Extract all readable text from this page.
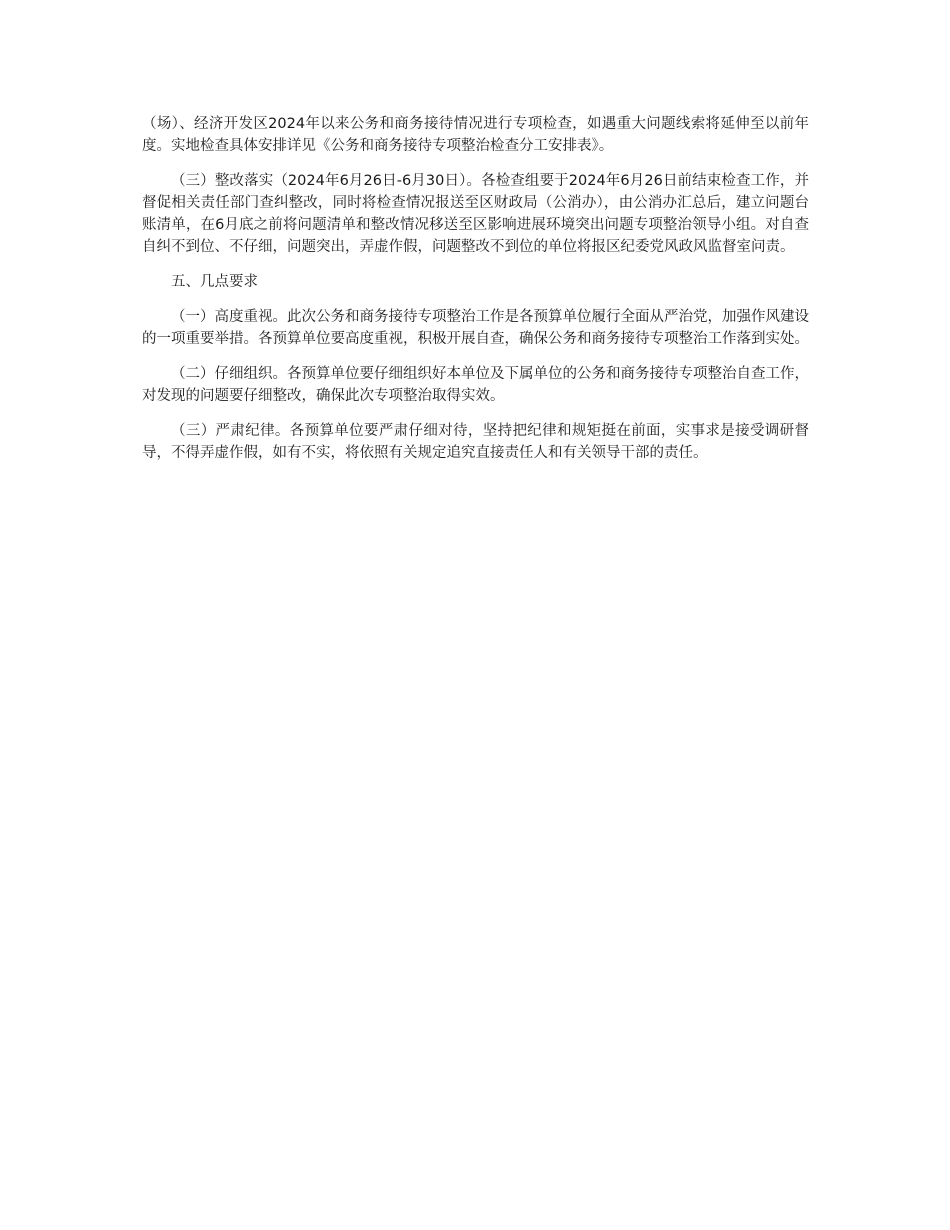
（场）、经济开发区2024年以来公务和商务接待情况进行专项检查，如遇重大问题线索将延伸至以前年度。实地检查具体安排详见《公务和商务接待专项整治检查分工安排表》。

（三）整改落实（2024年6月26日-6月30日）。各检查组要于2024年6月26日前结束检查工作，并督促相关责任部门查纠整改，同时将检查情况报送至区财政局（公消办），由公消办汇总后，建立问题台账清单，在6月底之前将问题清单和整改情况移送至区影响进展环境突出问题专项整治领导小组。对自查自纠不到位、不仔细，问题突出，弄虚作假，问题整改不到位的单位将报区纪委党风政风监督室问责。

五、几点要求

（一）高度重视。此次公务和商务接待专项整治工作是各预算单位履行全面从严治党，加强作风建设的一项重要举措。各预算单位要高度重视，积极开展自查，确保公务和商务接待专项整治工作落到实处。

（二）仔细组织。各预算单位要仔细组织好本单位及下属单位的公务和商务接待专项整治自查工作，对发现的问题要仔细整改，确保此次专项整治取得实效。

（三）严肃纪律。各预算单位要严肃仔细对待，坚持把纪律和规矩挺在前面，实事求是接受调研督导，不得弄虚作假，如有不实，将依照有关规定追究直接责任人和有关领导干部的责任。
